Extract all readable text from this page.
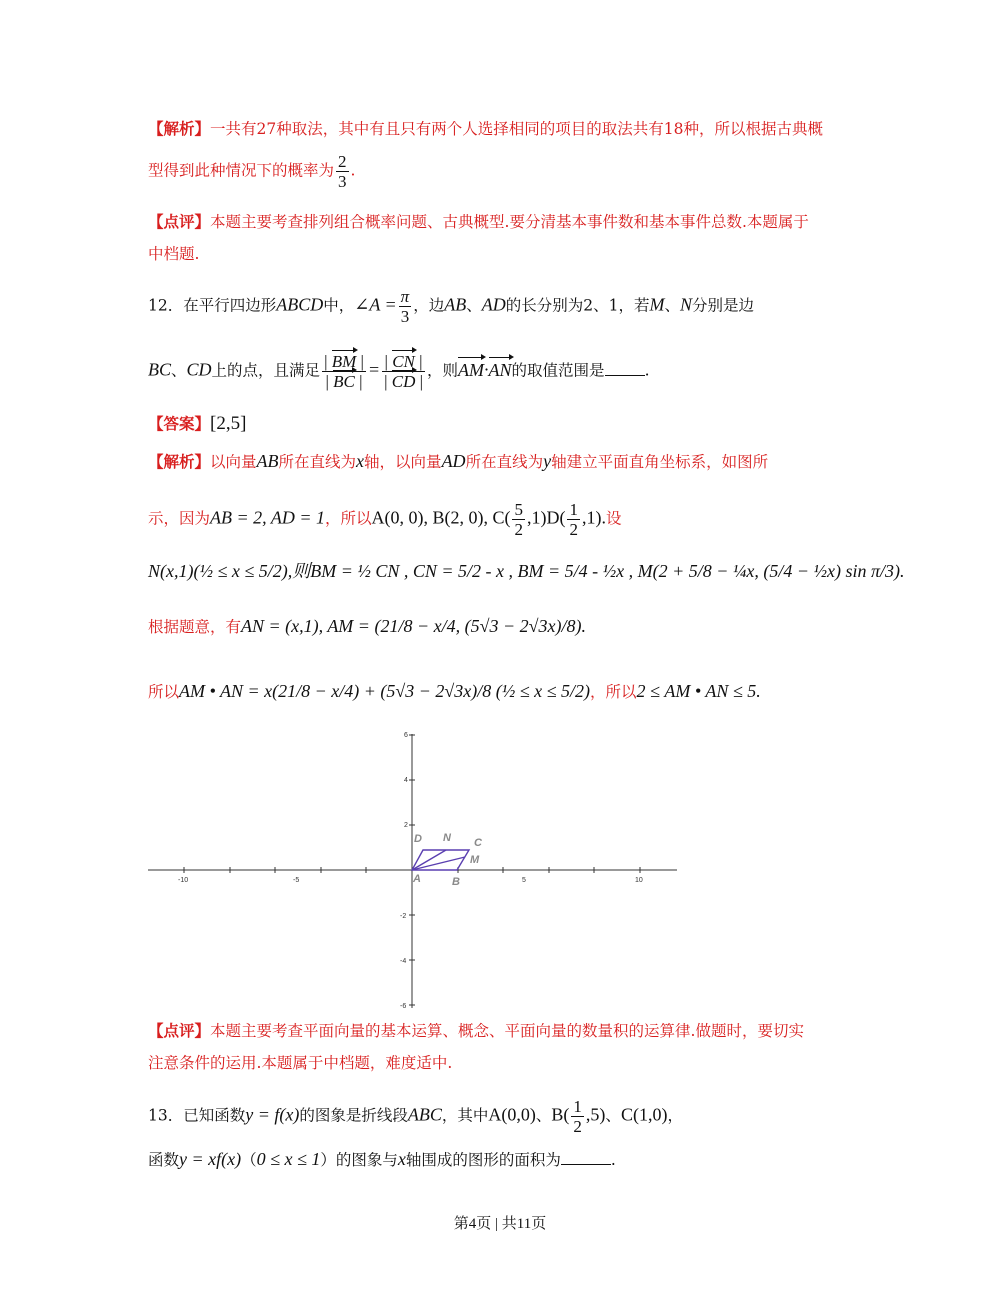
【解析】一共有27种取法，其中有且只有两个人选择相同的项目的取法共有18种，所以根据古典概
型得到此种情况下的概率为 $\frac{2}{3}$ .
【点评】本题主要考查排列组合概率问题、古典概型.要分清基本事件数和基本事件总数.本题属于
中档题.
12．在平行四边形ABCD中，∠A = $\frac{\pi}{3}$ ，边AB、AD的长分别为2、1，若M、N分别是边
BC、CD上的点，且满足 $\frac{| BM |}{| BC |} = \frac{| CN |}{| CD |}$ ，则AM·AN的取值范围是	.
【答案】[2,5]
【解析】以向量AB所在直线为x轴，以向量AD所在直线为y轴建立平面直角坐标系，如图所
示，因为AB = 2, AD = 1，所以A(0, 0), B(2, 0), $C( \frac{5}{2} ,1)D( \frac{1}{2} ,1)$.设
N(x,1)(½ ≤ x ≤ 5/2),则BM = ½ CN , CN = 5/2 - x , BM = 5/4 - ½x , M(2 + 5/8 − ¼x, (5/4 − ½x) sin π/3).
根据题意，有AN = (x,1), AM = (21/8 − x/4, (5√3 − 2√3x)/8).
所以AM • AN = x(21/8 − x/4) + (5√3 − 2√3x)/8 (½ ≤ x ≤ 5/2)，所以2 ≤ AM • AN ≤ 5.
-10	-5	5	10
6
4
2
-2
-4
-6
A	B
C
D
M
N
【点评】本题主要考查平面向量的基本运算、概念、平面向量的数量积的运算律.做题时，要切实
注意条件的运用.本题属于中档题，难度适中.
13．已知函数y = f(x)的图象是折线段ABC，其中A(0,0)、$B( \frac{1}{2} ,5)$、C(1,0)，
函数y = xf(x)（0 ≤ x ≤ 1）的图象与x轴围成的图形的面积为	.
第4页 | 共11页
